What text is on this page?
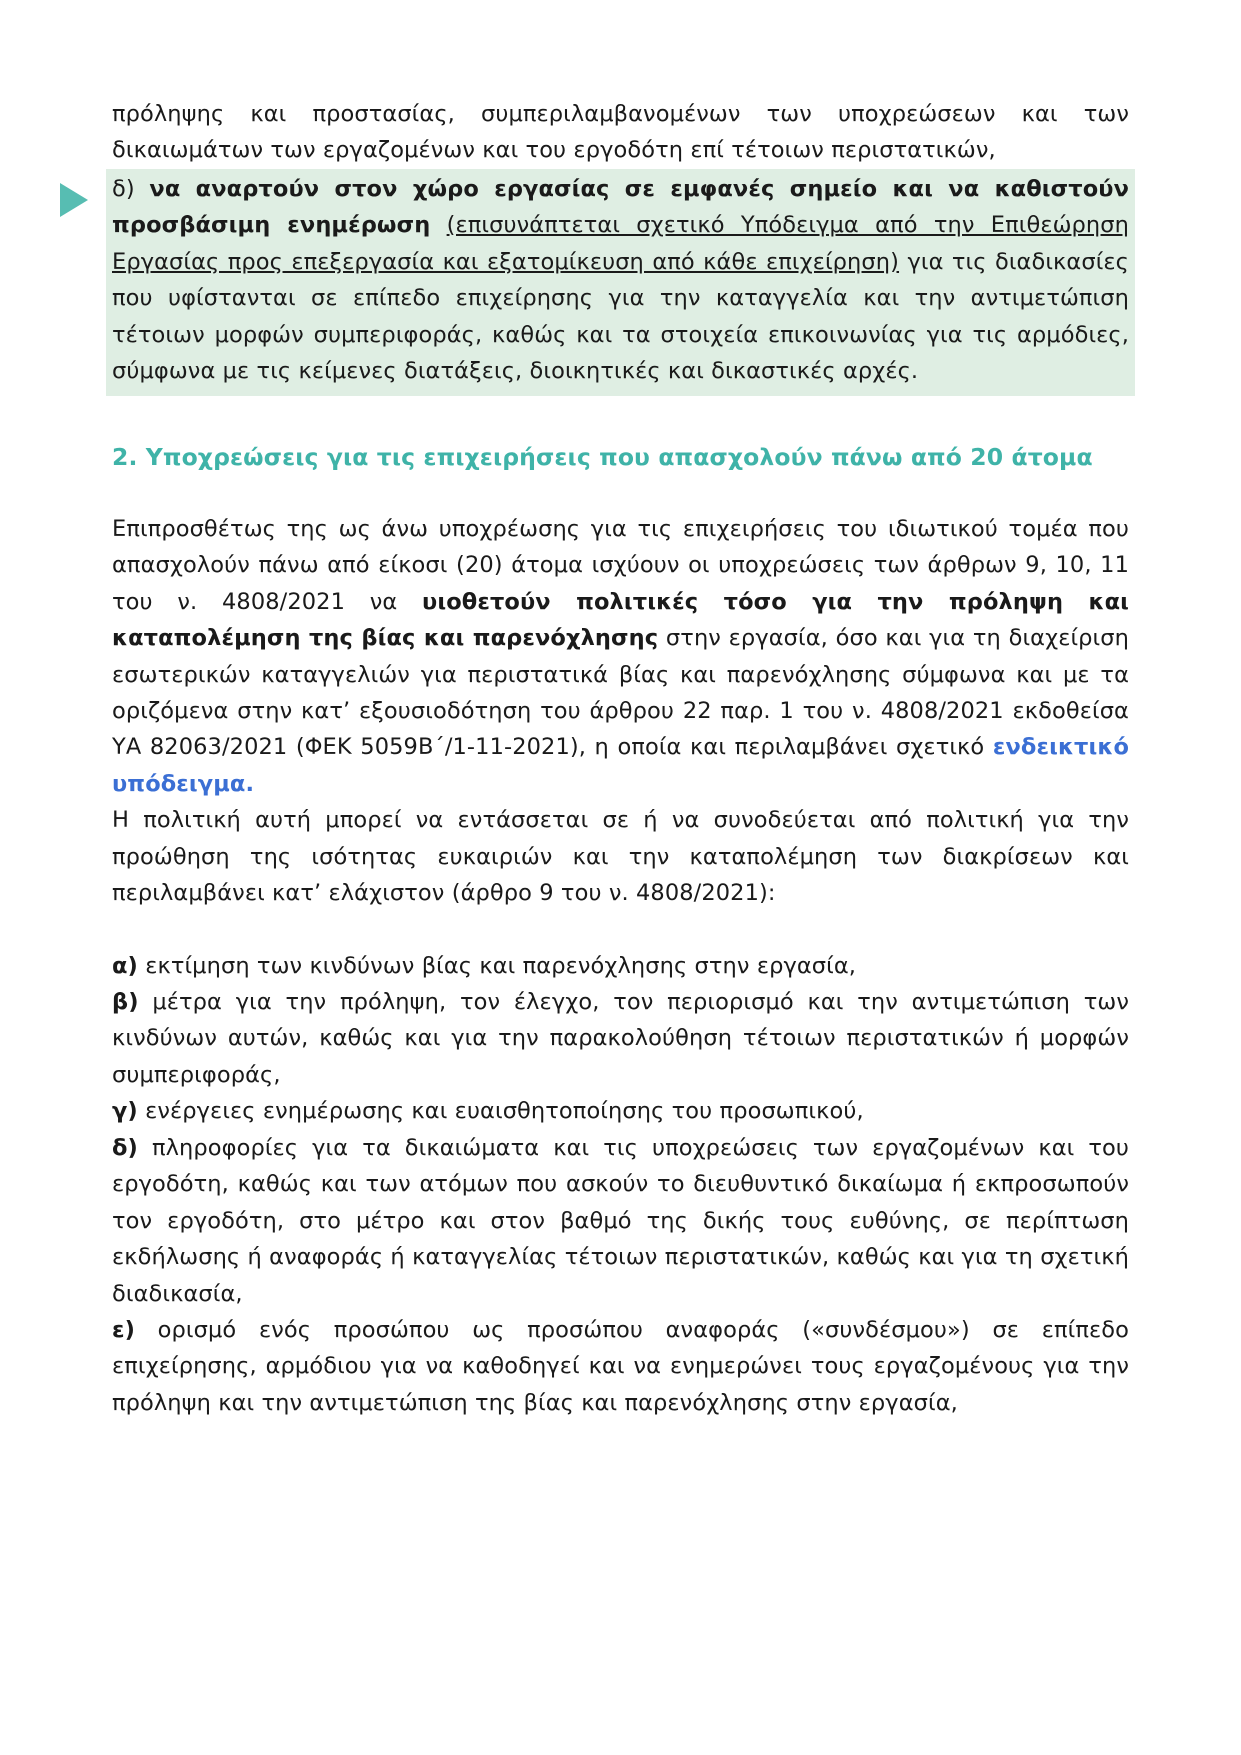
πρόληψης και προστασίας, συμπεριλαμβανομένων των υποχρεώσεων και των δικαιωμάτων των εργαζομένων και του εργοδότη επί τέτοιων περιστατικών,

δ) να αναρτούν στον χώρο εργασίας σε εμφανές σημείο και να καθιστούν προσβάσιμη ενημέρωση (επισυνάπτεται σχετικό Υπόδειγμα από την Επιθεώρηση Εργασίας προς επεξεργασία και εξατομίκευση από κάθε επιχείρηση) για τις διαδικασίες που υφίστανται σε επίπεδο επιχείρησης για την καταγγελία και την αντιμετώπιση τέτοιων μορφών συμπεριφοράς, καθώς και τα στοιχεία επικοινωνίας για τις αρμόδιες, σύμφωνα με τις κείμενες διατάξεις, διοικητικές και δικαστικές αρχές.

2. Υποχρεώσεις για τις επιχειρήσεις που απασχολούν πάνω από 20 άτομα

Επιπροσθέτως της ως άνω υποχρέωσης για τις επιχειρήσεις του ιδιωτικού τομέα που απασχολούν πάνω από είκοσι (20) άτομα ισχύουν οι υποχρεώσεις των άρθρων 9, 10, 11 του ν. 4808/2021 να υιοθετούν πολιτικές τόσο για την πρόληψη και καταπολέμηση της βίας και παρενόχλησης στην εργασία, όσο και για τη διαχείριση εσωτερικών καταγγελιών για περιστατικά βίας και παρενόχλησης σύμφωνα και με τα οριζόμενα στην κατ’ εξουσιοδότηση του άρθρου 22 παρ. 1 του ν. 4808/2021 εκδοθείσα ΥΑ 82063/2021 (ΦΕΚ 5059Β΄/1-11-2021), η οποία και περιλαμβάνει σχετικό ενδεικτικό υπόδειγμα.

Η πολιτική αυτή μπορεί να εντάσσεται σε ή να συνοδεύεται από πολιτική για την προώθηση της ισότητας ευκαιριών και την καταπολέμηση των διακρίσεων και περιλαμβάνει κατ’ ελάχιστον (άρθρο 9 του ν. 4808/2021):

α) εκτίμηση των κινδύνων βίας και παρενόχλησης στην εργασία,

β) μέτρα για την πρόληψη, τον έλεγχο, τον περιορισμό και την αντιμετώπιση των κινδύνων αυτών, καθώς και για την παρακολούθηση τέτοιων περιστατικών ή μορφών συμπεριφοράς,

γ) ενέργειες ενημέρωσης και ευαισθητοποίησης του προσωπικού,

δ) πληροφορίες για τα δικαιώματα και τις υποχρεώσεις των εργαζομένων και του εργοδότη, καθώς και των ατόμων που ασκούν το διευθυντικό δικαίωμα ή εκπροσωπούν τον εργοδότη, στο μέτρο και στον βαθμό της δικής τους ευθύνης, σε περίπτωση εκδήλωσης ή αναφοράς ή καταγγελίας τέτοιων περιστατικών, καθώς και για τη σχετική διαδικασία,

ε) ορισμό ενός προσώπου ως προσώπου αναφοράς («συνδέσμου») σε επίπεδο επιχείρησης, αρμόδιου για να καθοδηγεί και να ενημερώνει τους εργαζομένους για την πρόληψη και την αντιμετώπιση της βίας και παρενόχλησης στην εργασία,
